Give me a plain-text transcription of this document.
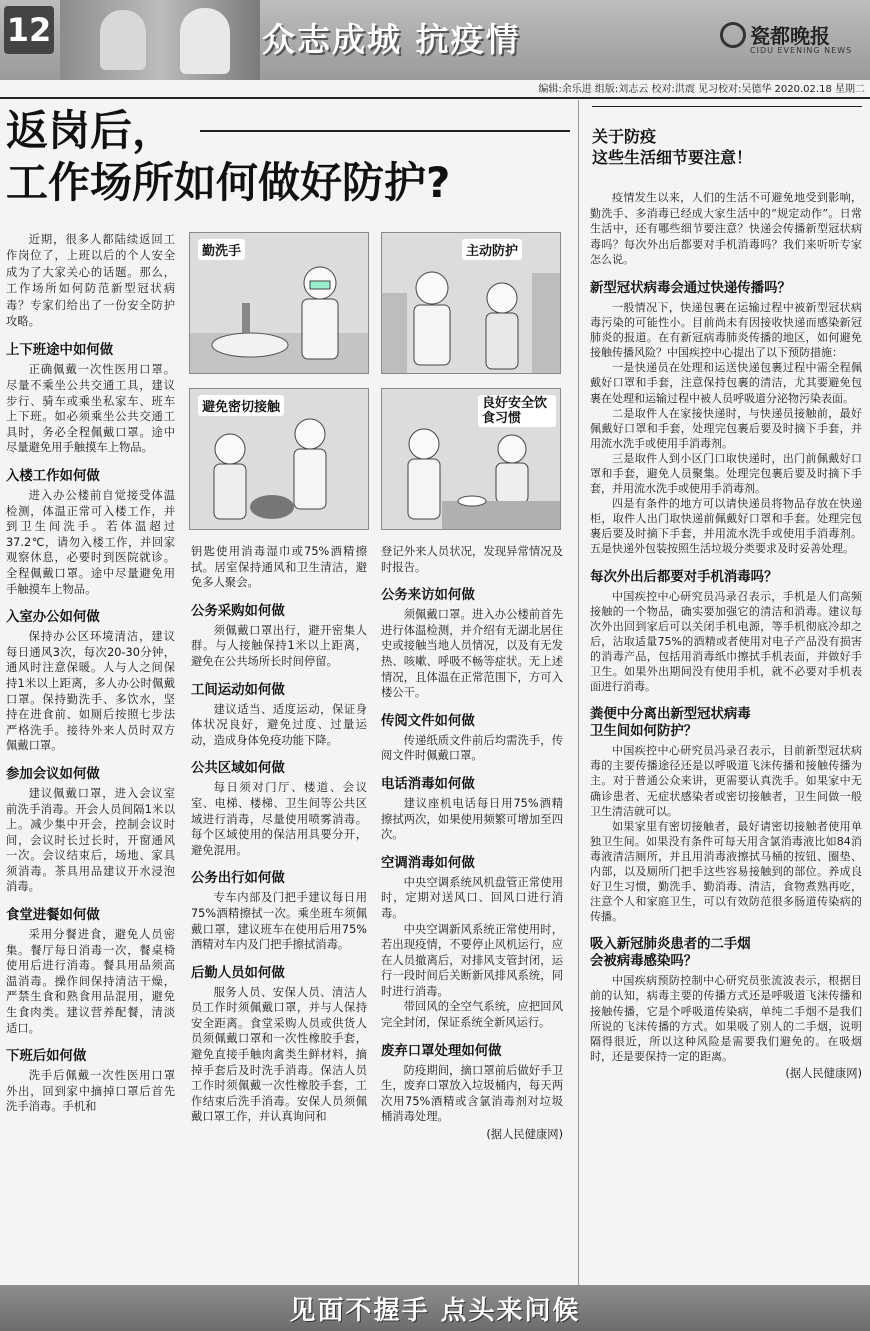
12	众志成城 抗疫情	瓷都晚报
CIDU EVENING NEWS
编辑:余乐进 组版:刘志云 校对:洪震 见习校对:吴德华 2020.02.18 星期二
返岗后，
工作场所如何做好防护?
勤洗手	主动防护
避免密切接触	良好安全饮食习惯

近期，很多人都陆续返回工作岗位了，上班以后的个人安全成为了大家关心的话题。那么，工作场所如何防范新型冠状病毒？专家们给出了一份安全防护攻略。

上下班途中如何做

正确佩戴一次性医用口罩。尽量不乘坐公共交通工具，建议步行、骑车或乘坐私家车、班车上下班。如必须乘坐公共交通工具时，务必全程佩戴口罩。途中尽量避免用手触摸车上物品。

入楼工作如何做

进入办公楼前自觉接受体温检测，体温正常可入楼工作，并到卫生间洗手。若体温超过37.2℃，请勿入楼工作，并回家观察休息，必要时到医院就诊。全程佩戴口罩。途中尽量避免用手触摸车上物品。

入室办公如何做

保持办公区环境清洁，建议每日通风3次，每次20-30分钟，通风时注意保暖。人与人之间保持1米以上距离，多人办公时佩戴口罩。保持勤洗手、多饮水，坚持在进食前、如厕后按照七步法严格洗手。接待外来人员时双方佩戴口罩。

参加会议如何做

建议佩戴口罩，进入会议室前洗手消毒。开会人员间隔1米以上。减少集中开会，控制会议时间，会议时长过长时，开窗通风一次。会议结束后，场地、家具须消毒。茶具用品建议开水浸泡消毒。

食堂进餐如何做

采用分餐进食，避免人员密集。餐厅每日消毒一次，餐桌椅使用后进行消毒。餐具用品须高温消毒。操作间保持清洁干燥，严禁生食和熟食用品混用，避免生食肉类。建议营养配餐，清淡适口。

下班后如何做

洗手后佩戴一次性医用口罩外出，回到家中摘掉口罩后首先洗手消毒。手机和

钥匙使用消毒湿巾或75%酒精擦拭。居室保持通风和卫生清洁，避免多人聚会。

公务采购如何做

须佩戴口罩出行，避开密集人群。与人接触保持1米以上距离，避免在公共场所长时间停留。

工间运动如何做

建议适当、适度运动，保证身体状况良好，避免过度、过量运动，造成身体免疫功能下降。

公共区域如何做

每日须对门厅、楼道、会议室、电梯、楼梯、卫生间等公共区域进行消毒，尽量使用喷雾消毒。每个区域使用的保洁用具要分开，避免混用。

公务出行如何做

专车内部及门把手建议每日用75%酒精擦拭一次。乘坐班车须佩戴口罩，建议班车在使用后用75%酒精对车内及门把手擦拭消毒。

后勤人员如何做

服务人员、安保人员、清洁人员工作时须佩戴口罩，并与人保持安全距离。食堂采购人员或供货人员须佩戴口罩和一次性橡胶手套，避免直接手触肉禽类生鲜材料，摘掉手套后及时洗手消毒。保洁人员工作时须佩戴一次性橡胶手套，工作结束后洗手消毒。安保人员须佩戴口罩工作，并认真询问和

登记外来人员状况，发现异常情况及时报告。

公务来访如何做

须佩戴口罩。进入办公楼前首先进行体温检测，并介绍有无湖北居住史或接触当地人员情况，以及有无发热、咳嗽、呼吸不畅等症状。无上述情况，且体温在正常范围下，方可入楼公干。

传阅文件如何做

传递纸质文件前后均需洗手，传阅文件时佩戴口罩。

电话消毒如何做

建议座机电话每日用75%酒精擦拭两次，如果使用频繁可增加至四次。

空调消毒如何做

中央空调系统风机盘管正常使用时，定期对送风口、回风口进行消毒。

中央空调新风系统正常使用时，若出现疫情，不要停止风机运行，应在人员撤离后，对排风支管封闭，运行一段时间后关断新风排风系统，同时进行消毒。

带回风的全空气系统，应把回风完全封闭，保证系统全新风运行。

废弃口罩处理如何做

防疫期间，摘口罩前后做好手卫生，废弃口罩放入垃圾桶内，每天两次用75%酒精或含氯消毒剂对垃圾桶消毒处理。

(据人民健康网)
关于防疫
这些生活细节要注意！

疫情发生以来，人们的生活不可避免地受到影响，勤洗手、多消毒已经成大家生活中的“规定动作”。日常生活中，还有哪些细节要注意？快递会传播新型冠状病毒吗？每次外出后都要对手机消毒吗？我们来听听专家怎么说。

新型冠状病毒会通过快递传播吗？

一般情况下，快递包裹在运输过程中被新型冠状病毒污染的可能性小。目前尚未有因接收快递而感染新冠肺炎的报道。在有新冠病毒肺炎传播的地区，如何避免接触传播风险？中国疾控中心提出了以下预防措施：

一是快递员在处理和运送快递包裹过程中需全程佩戴好口罩和手套，注意保持包裹的清洁，尤其要避免包裹在处理和运输过程中被人员呼吸道分泌物污染表面。

二是取件人在家接快递时，与快递员接触前，最好佩戴好口罩和手套，处理完包裹后要及时摘下手套，并用流水洗手或使用手消毒剂。

三是取件人到小区门口取快递时，出门前佩戴好口罩和手套，避免人员聚集。处理完包裹后要及时摘下手套，并用流水洗手或使用手消毒剂。

四是有条件的地方可以请快递员将物品存放在快递柜，取件人出门取快递前佩戴好口罩和手套。处理完包裹后要及时摘下手套，并用流水洗手或使用手消毒剂。五是快递外包装按照生活垃圾分类要求及时妥善处理。

每次外出后都要对手机消毒吗？

中国疾控中心研究员冯录召表示，手机是人们高频接触的一个物品，确实要加强它的清洁和消毒。建议每次外出回到家后可以关闭手机电源，等手机彻底冷却之后，沾取适量75%的酒精或者使用对电子产品没有损害的消毒产品，包括用消毒纸巾擦拭手机表面，并做好手卫生。如果外出期间没有使用手机，就不必要对手机表面进行消毒。

粪便中分离出新型冠状病毒
卫生间如何防护？

中国疾控中心研究员冯录召表示，目前新型冠状病毒的主要传播途径还是以呼吸道飞沫传播和接触传播为主。对于普通公众来讲，更需要认真洗手。如果家中无确诊患者、无症状感染者或密切接触者，卫生间做一般卫生清洁就可以。

如果家里有密切接触者，最好请密切接触者使用单独卫生间。如果没有条件可每天用含氯消毒液比如84消毒液清洁厕所，并且用消毒液擦拭马桶的按钮、圈垫、内部，以及厕所门把手这些容易接触到的部位。养成良好卫生习惯，勤洗手、勤消毒、清洁，食物煮熟再吃，注意个人和家庭卫生，可以有效防范很多肠道传染病的传播。

吸入新冠肺炎患者的二手烟
会被病毒感染吗？

中国疾病预防控制中心研究员张流波表示，根据目前的认知，病毒主要的传播方式还是呼吸道飞沫传播和接触传播，它是个呼吸道传染病，单纯二手烟不是我们所说的飞沫传播的方式。如果吸了别人的二手烟，说明隔得很近，所以这种风险是需要我们避免的。在吸烟时，还是要保持一定的距离。

(据人民健康网)
见面不握手 点头来问候
